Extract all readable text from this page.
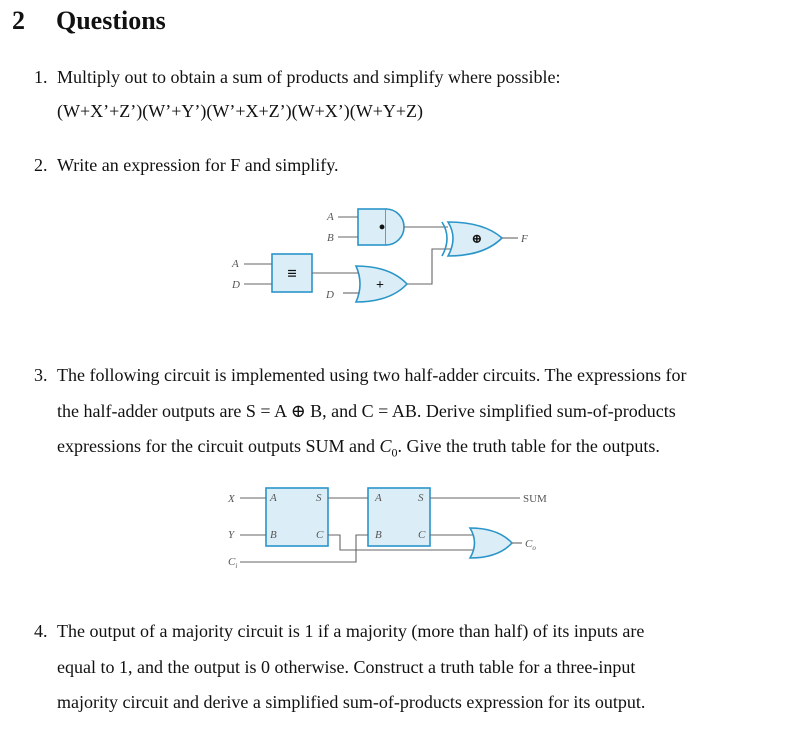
2 Questions
1. Multiply out to obtain a sum of products and simplify where possible:
(W+X’+Z’)(W’+Y’)(W’+X+Z’)(W+X’)(W+Y+Z)
2. Write an expression for F and simplify.
•
A
B
≡
A
D	+
D
⊕	F
3. The following circuit is implemented using two half-adder circuits. The expressions for
the half-adder outputs are S = A ⊕ B, and C = AB. Derive simplified sum-of-products
expressions for the circuit outputs SUM and $C_0$. Give the truth table for the outputs.
A
B
S
C
A
B
S
C
X
Y
$C_i$
SUM
$C_o$
4. The output of a majority circuit is 1 if a majority (more than half) of its inputs are
equal to 1, and the output is 0 otherwise. Construct a truth table for a three-input
majority circuit and derive a simplified sum-of-products expression for its output.
